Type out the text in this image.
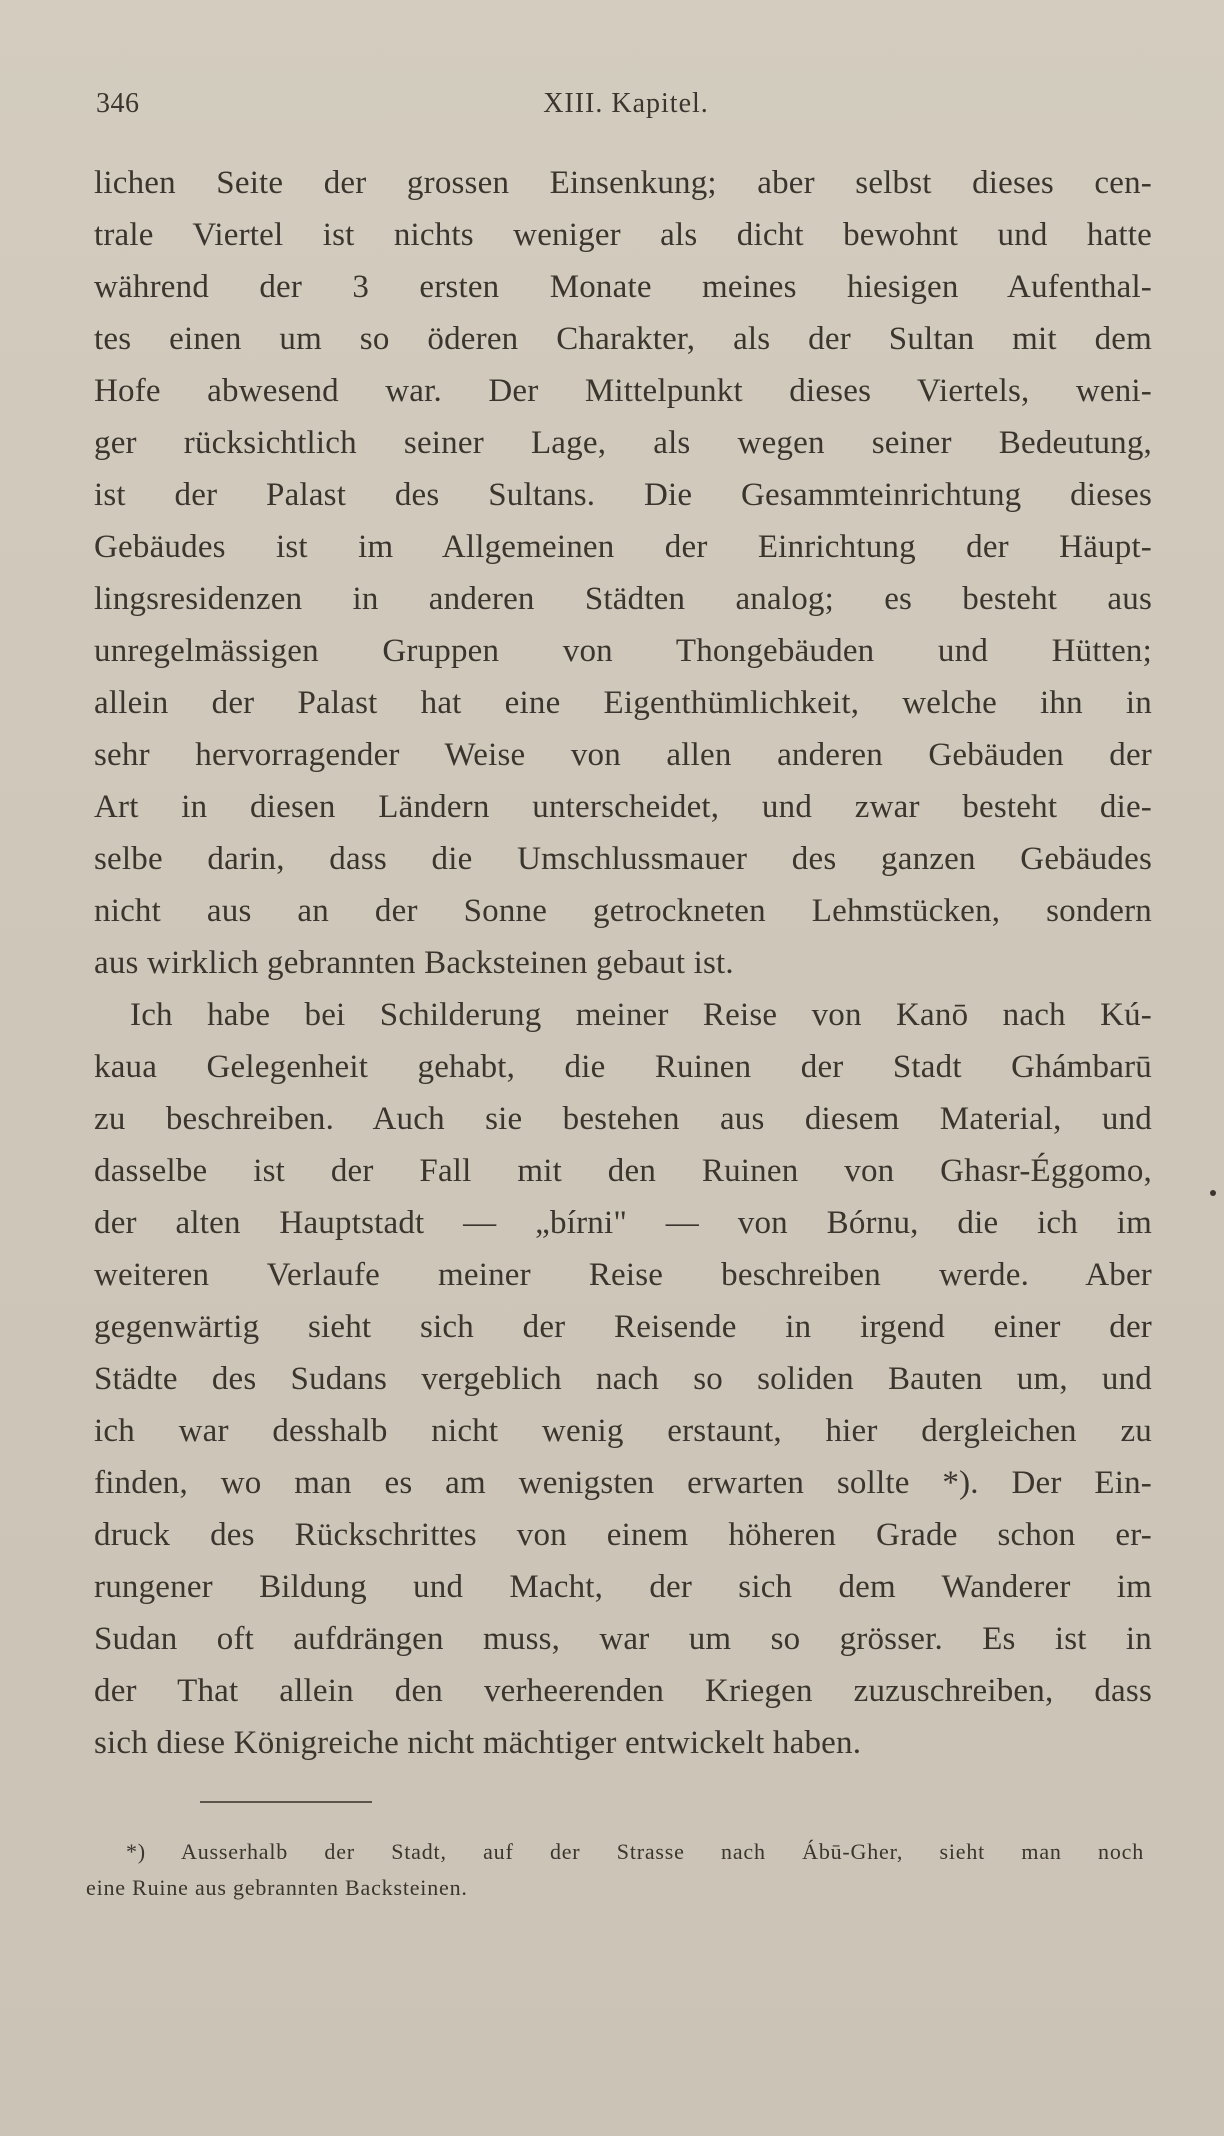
346	XIII. Kapitel.
lichen Seite der grossen Einsenkung; aber selbst dieses cen-
trale Viertel ist nichts weniger als dicht bewohnt und hatte
während der 3 ersten Monate meines hiesigen Aufenthal-
tes einen um so öderen Charakter, als der Sultan mit dem
Hofe abwesend war. Der Mittelpunkt dieses Viertels, weni-
ger rücksichtlich seiner Lage, als wegen seiner Bedeutung,
ist der Palast des Sultans. Die Gesammteinrichtung dieses
Gebäudes ist im Allgemeinen der Einrichtung der Häupt-
lingsresidenzen in anderen Städten analog; es besteht aus
unregelmässigen Gruppen von Thongebäuden und Hütten;
allein der Palast hat eine Eigenthümlichkeit, welche ihn in
sehr hervorragender Weise von allen anderen Gebäuden der
Art in diesen Ländern unterscheidet, und zwar besteht die-
selbe darin, dass die Umschlussmauer des ganzen Gebäudes
nicht aus an der Sonne getrockneten Lehmstücken, sondern
aus wirklich gebrannten Backsteinen gebaut ist.
Ich habe bei Schilderung meiner Reise von Kanō nach Kú-
kaua Gelegenheit gehabt, die Ruinen der Stadt Ghámbarū
zu beschreiben. Auch sie bestehen aus diesem Material, und
dasselbe ist der Fall mit den Ruinen von Ghasr-Éggomo,
der alten Hauptstadt — „bírni" — von Bórnu, die ich im
weiteren Verlaufe meiner Reise beschreiben werde. Aber
gegenwärtig sieht sich der Reisende in irgend einer der
Städte des Sudans vergeblich nach so soliden Bauten um, und
ich war desshalb nicht wenig erstaunt, hier dergleichen zu
finden, wo man es am wenigsten erwarten sollte *). Der Ein-
druck des Rückschrittes von einem höheren Grade schon er-
rungener Bildung und Macht, der sich dem Wanderer im
Sudan oft aufdrängen muss, war um so grösser. Es ist in
der That allein den verheerenden Kriegen zuzuschreiben, dass
sich diese Königreiche nicht mächtiger entwickelt haben.
*) Ausserhalb der Stadt, auf der Strasse nach Ábū-Gher, sieht man noch
eine Ruine aus gebrannten Backsteinen.
